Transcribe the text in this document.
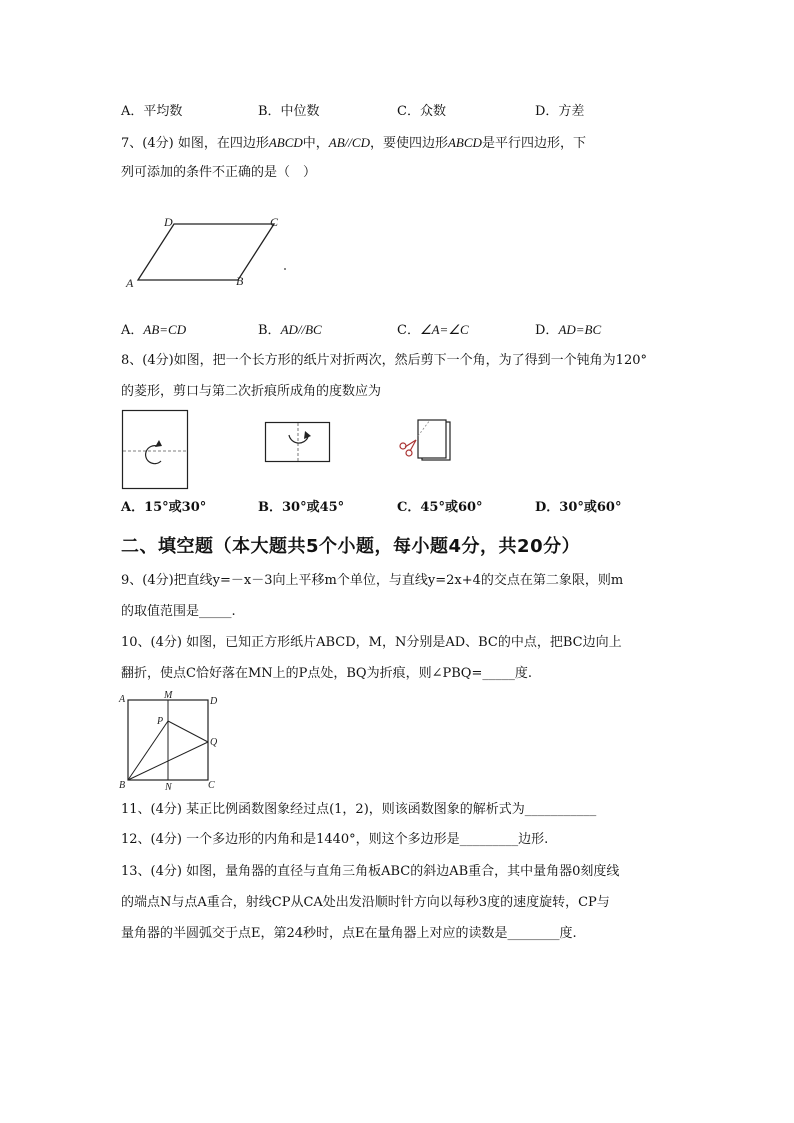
A．平均数	B．中位数	C．众数	D．方差
7、(4分) 如图，在四边形ABCD中，AB//CD，要使四边形ABCD是平行四边形，下
列可添加的条件不正确的是（　）
D	C
A	B
A．AB=CD	B．AD//BC	C．∠A=∠C	D．AD=BC
8、(4分)如图，把一个长方形的纸片对折两次，然后剪下一个角，为了得到一个钝角为120°
的菱形，剪口与第二次折痕所成角的度数应为
A．15°或30°	B．30°或45°	C．45°或60°	D．30°或60°
二、填空题（本大题共5个小题，每小题4分，共20分）
9、(4分)把直线y=－x－3向上平移m个单位，与直线y=2x+4的交点在第二象限，则m
的取值范围是_____.
10、(4分) 如图，已知正方形纸片ABCD，M，N分别是AD、BC的中点，把BC边向上
翻折，使点C恰好落在MN上的P点处，BQ为折痕，则∠PBQ=_____度.
A	M
D
P
Q
B	N	C
11、(4分) 某正比例函数图象经过点(1，2)，则该函数图象的解析式为___________
12、(4分) 一个多边形的内角和是1440°，则这个多边形是_________边形.
13、(4分) 如图，量角器的直径与直角三角板ABC的斜边AB重合，其中量角器0刻度线
的端点N与点A重合，射线CP从CA处出发沿顺时针方向以每秒3度的速度旋转，CP与
量角器的半圆弧交于点E，第24秒时，点E在量角器上对应的读数是________度.
